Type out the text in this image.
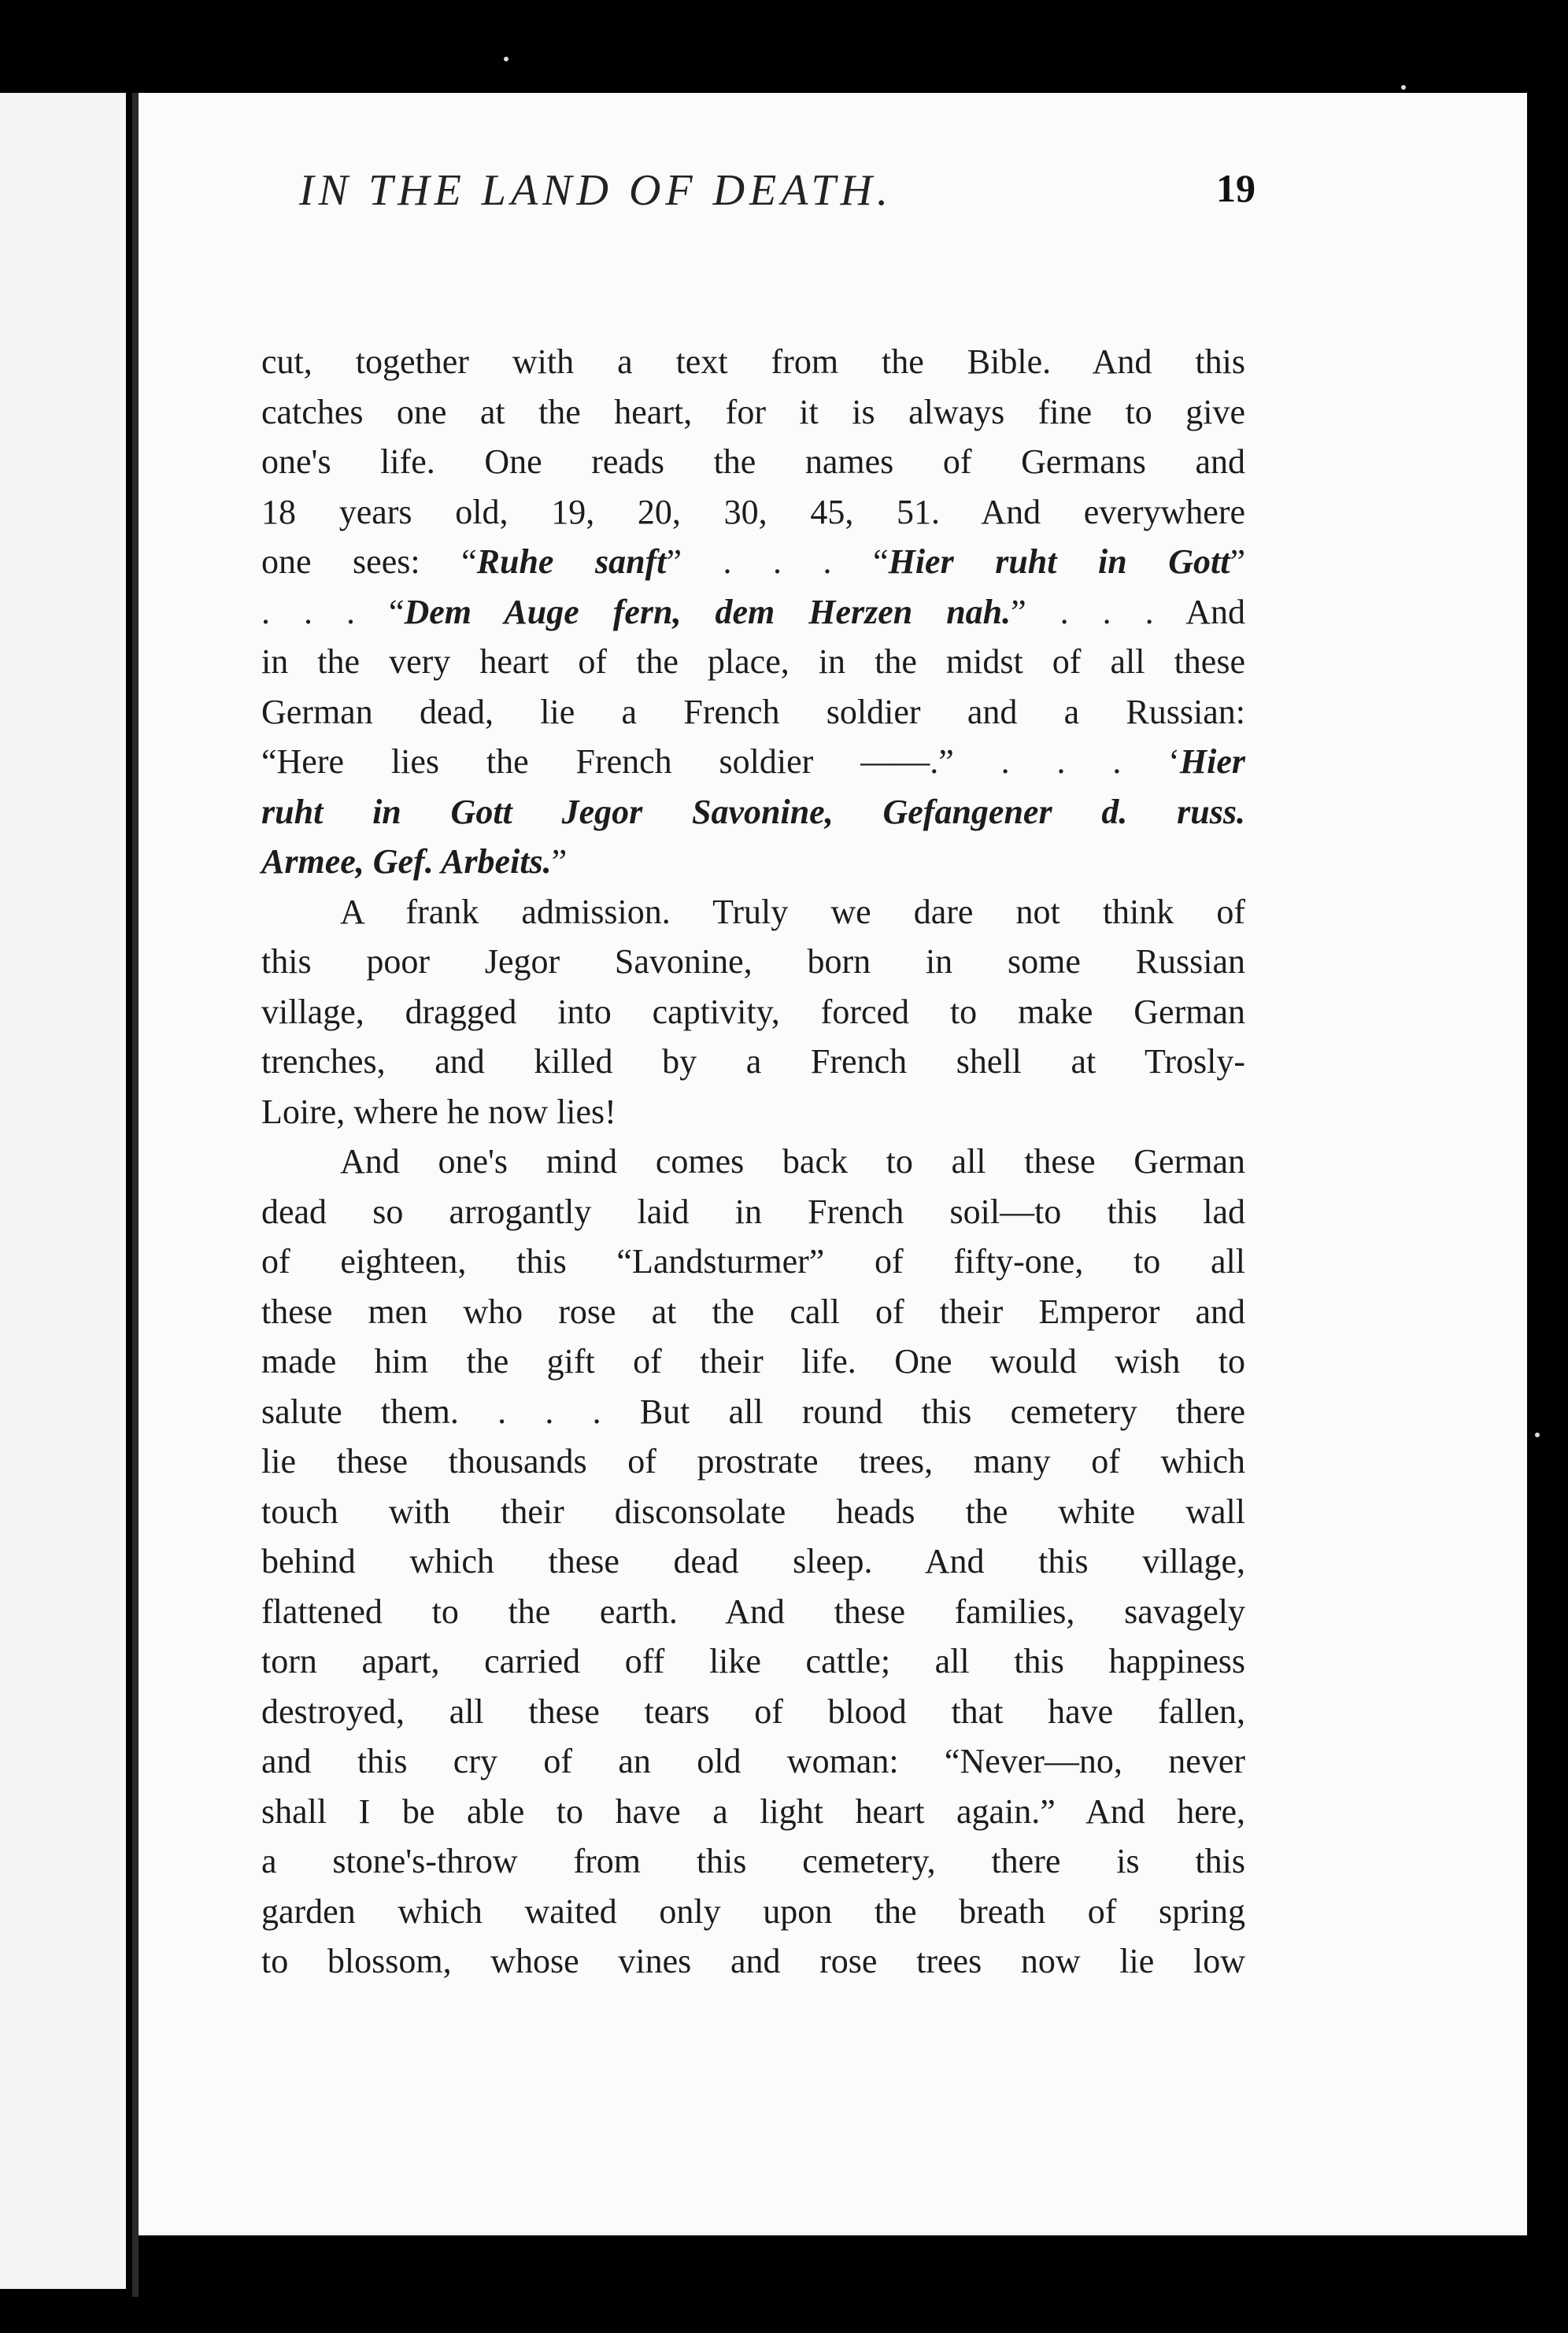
IN THE LAND OF DEATH.	19
cut, together with a text from the Bible. And this
catches one at the heart, for it is always fine to give
one's life. One reads the names of Germans and
18 years old, 19, 20, 30, 45, 51. And everywhere
one sees: “Ruhe sanft” . . . “Hier ruht in Gott”
. . . “Dem Auge fern, dem Herzen nah.” . . . And
in the very heart of the place, in the midst of all these
German dead, lie a French soldier and a Russian:
“Here lies the French soldier ——.” . . . ‘Hier
ruht in Gott Jegor Savonine, Gefangener d. russ.
Armee, Gef. Arbeits.”
A frank admission. Truly we dare not think of
this poor Jegor Savonine, born in some Russian
village, dragged into captivity, forced to make German
trenches, and killed by a French shell at Trosly-
Loire, where he now lies!
And one's mind comes back to all these German
dead so arrogantly laid in French soil—to this lad
of eighteen, this “Landsturmer” of fifty-one, to all
these men who rose at the call of their Emperor and
made him the gift of their life. One would wish to
salute them. . . . But all round this cemetery there
lie these thousands of prostrate trees, many of which
touch with their disconsolate heads the white wall
behind which these dead sleep. And this village,
flattened to the earth. And these families, savagely
torn apart, carried off like cattle; all this happiness
destroyed, all these tears of blood that have fallen,
and this cry of an old woman: “Never—no, never
shall I be able to have a light heart again.” And here,
a stone's-throw from this cemetery, there is this
garden which waited only upon the breath of spring
to blossom, whose vines and rose trees now lie low
